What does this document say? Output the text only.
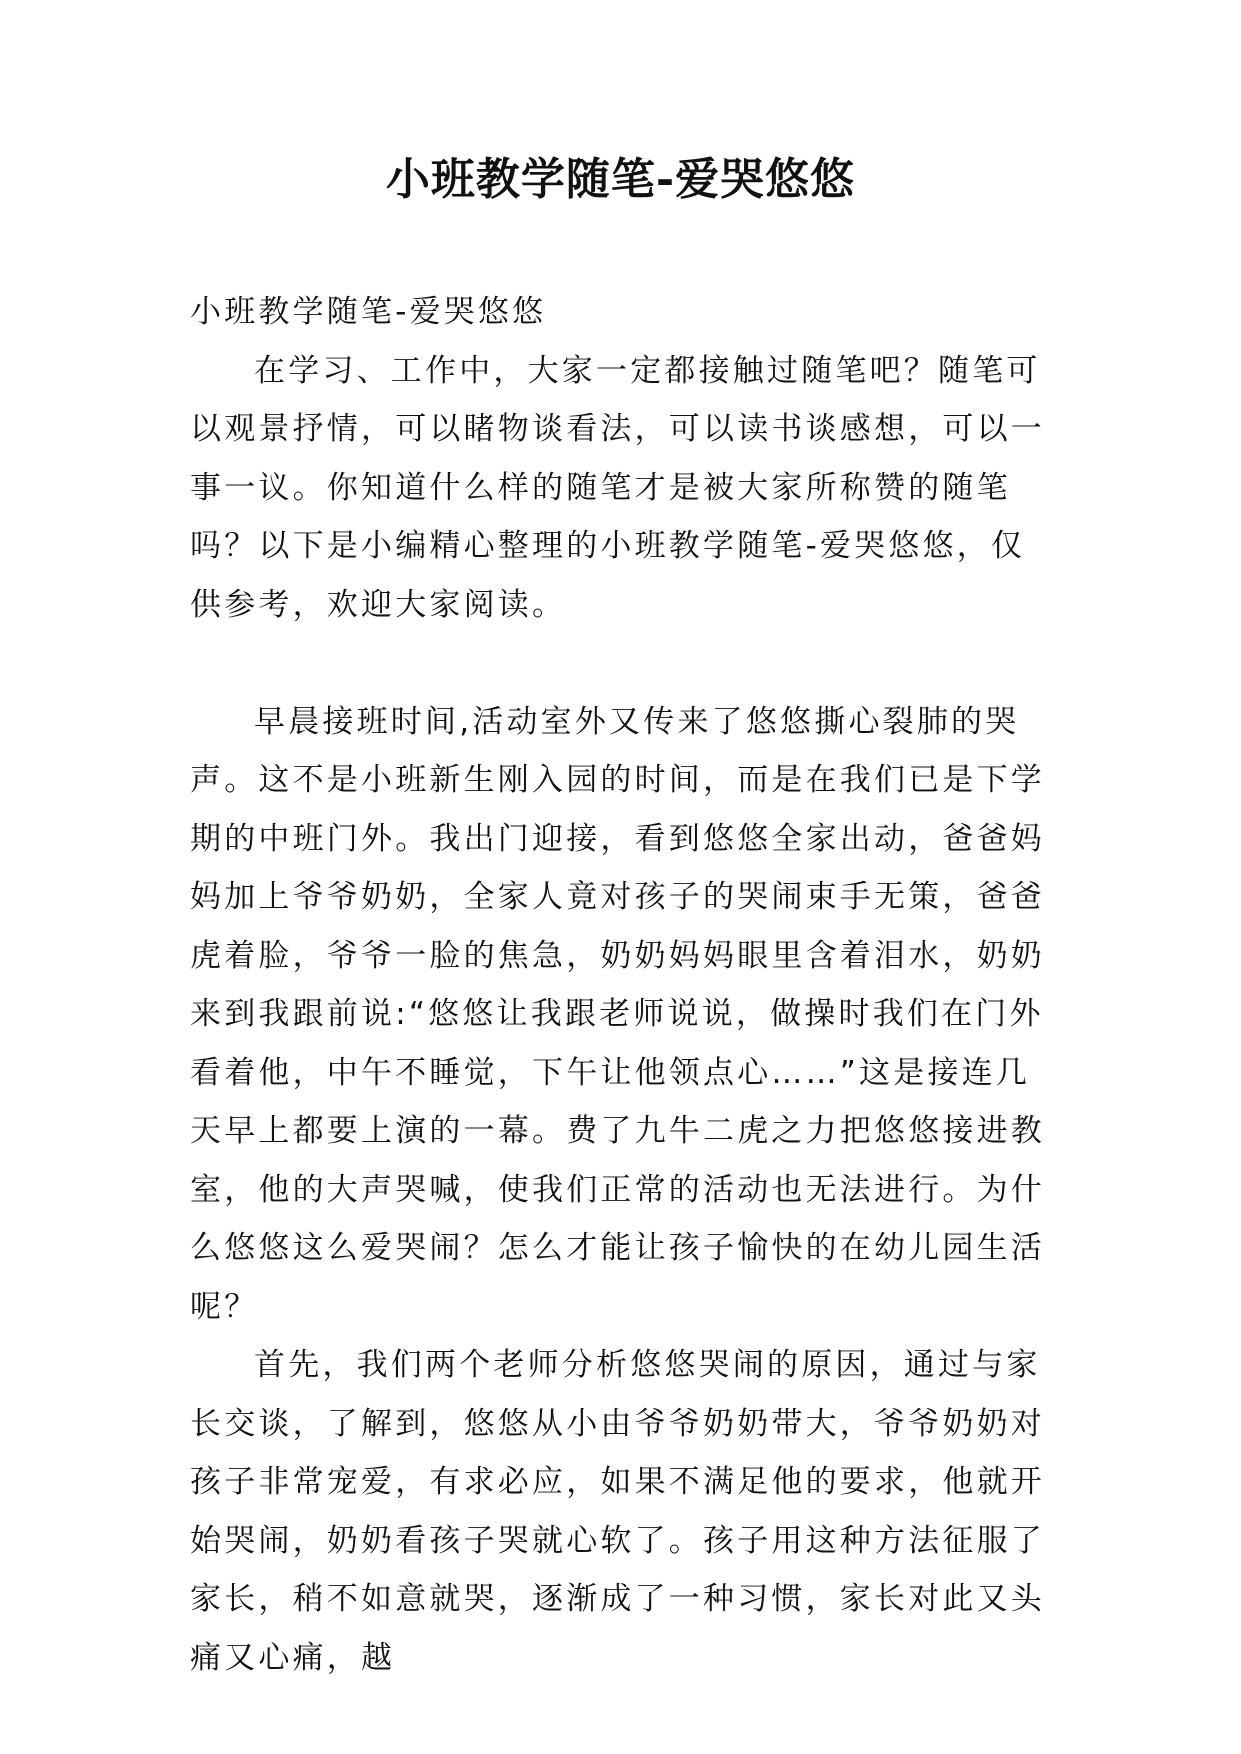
小班教学随笔-爱哭悠悠

小班教学随笔-爱哭悠悠

在学习、工作中，大家一定都接触过随笔吧？随笔可以观景抒情，可以睹物谈看法，可以读书谈感想，可以一事一议。你知道什么样的随笔才是被大家所称赞的随笔吗？以下是小编精心整理的小班教学随笔-爱哭悠悠，仅供参考，欢迎大家阅读。

早晨接班时间,活动室外又传来了悠悠撕心裂肺的哭声。这不是小班新生刚入园的时间，而是在我们已是下学期的中班门外。我出门迎接，看到悠悠全家出动，爸爸妈妈加上爷爷奶奶，全家人竟对孩子的哭闹束手无策，爸爸虎着脸，爷爷一脸的焦急，奶奶妈妈眼里含着泪水，奶奶来到我跟前说:“悠悠让我跟老师说说，做操时我们在门外看着他，中午不睡觉，下午让他领点心……”这是接连几天早上都要上演的一幕。费了九牛二虎之力把悠悠接进教室，他的大声哭喊，使我们正常的活动也无法进行。为什么悠悠这么爱哭闹？怎么才能让孩子愉快的在幼儿园生活呢？

首先，我们两个老师分析悠悠哭闹的原因，通过与家长交谈，了解到，悠悠从小由爷爷奶奶带大，爷爷奶奶对孩子非常宠爱，有求必应，如果不满足他的要求，他就开始哭闹，奶奶看孩子哭就心软了。孩子用这种方法征服了家长，稍不如意就哭，逐渐成了一种习惯，家长对此又头痛又心痛，越
